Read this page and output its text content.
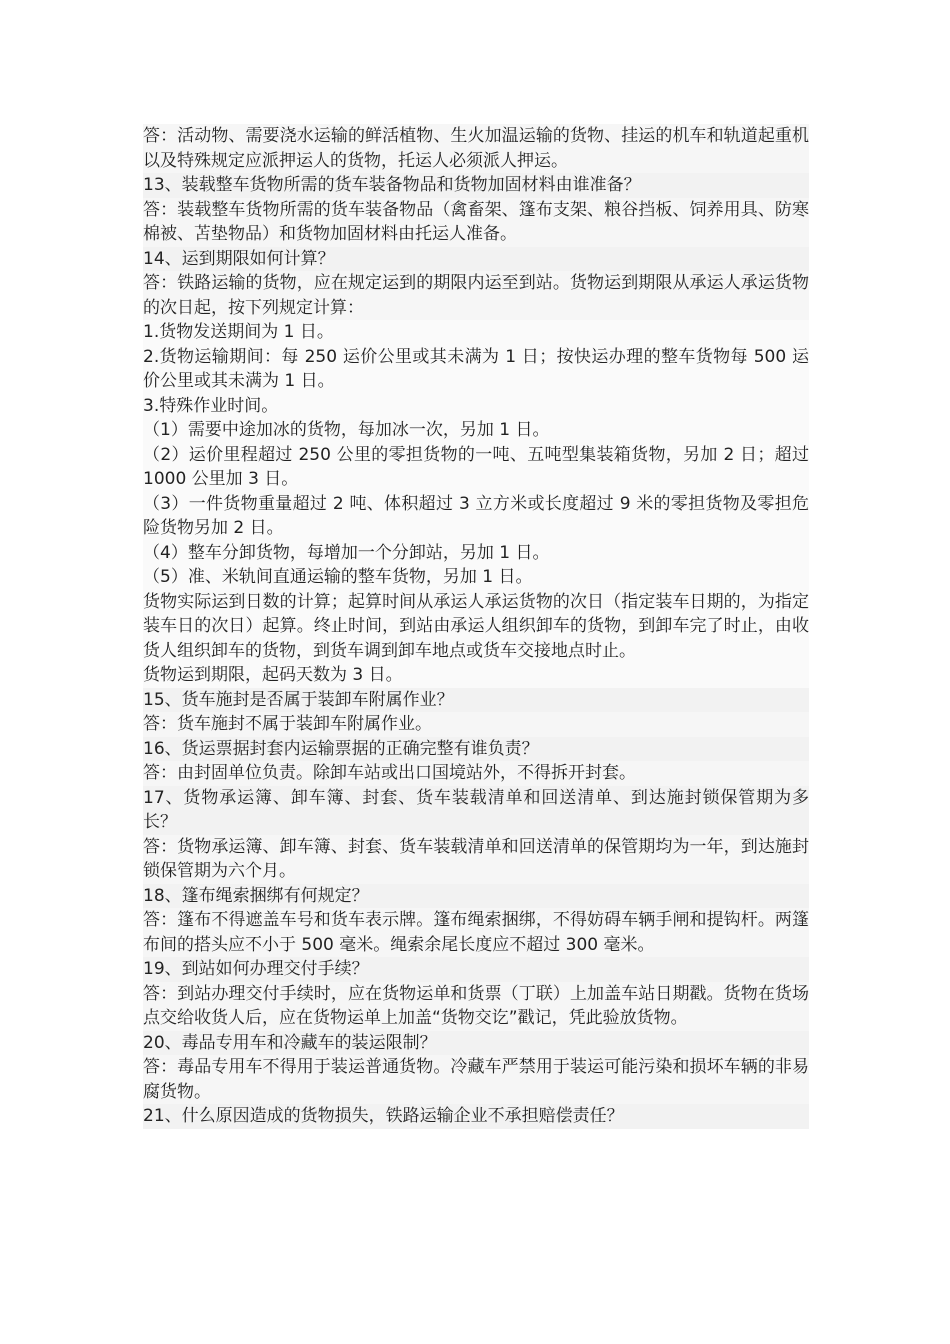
答：活动物、需要浇水运输的鲜活植物、生火加温运输的货物、挂运的机车和轨道起重机以及特殊规定应派押运人的货物，托运人必须派人押运。
13、装载整车货物所需的货车装备物品和货物加固材料由谁准备？
答：装载整车货物所需的货车装备物品（禽畜架、篷布支架、粮谷挡板、饲养用具、防寒棉被、苫垫物品）和货物加固材料由托运人准备。
14、运到期限如何计算？
答：铁路运输的货物，应在规定运到的期限内运至到站。货物运到期限从承运人承运货物的次日起，按下列规定计算：
1.货物发送期间为 1 日。
2.货物运输期间：每 250 运价公里或其未满为 1 日；按快运办理的整车货物每 500 运价公里或其未满为 1 日。
3.特殊作业时间。
（1）需要中途加冰的货物，每加冰一次，另加 1 日。
（2）运价里程超过 250 公里的零担货物的一吨、五吨型集装箱货物，另加 2 日；超过 1000 公里加 3 日。
（3）一件货物重量超过 2 吨、体积超过 3 立方米或长度超过 9 米的零担货物及零担危险货物另加 2 日。
（4）整车分卸货物，每增加一个分卸站，另加 1 日。
（5）准、米轨间直通运输的整车货物，另加 1 日。
货物实际运到日数的计算；起算时间从承运人承运货物的次日（指定装车日期的，为指定装车日的次日）起算。终止时间，到站由承运人组织卸车的货物，到卸车完了时止，由收货人组织卸车的货物，到货车调到卸车地点或货车交接地点时止。
货物运到期限，起码天数为 3 日。
15、货车施封是否属于装卸车附属作业？
答：货车施封不属于装卸车附属作业。
16、货运票据封套内运输票据的正确完整有谁负责？
答：由封固单位负责。除卸车站或出口国境站外，不得拆开封套。
17、货物承运簿、卸车簿、封套、货车装载清单和回送清单、到达施封锁保管期为多长？
答：货物承运簿、卸车簿、封套、货车装载清单和回送清单的保管期均为一年，到达施封锁保管期为六个月。
18、篷布绳索捆绑有何规定？
答：篷布不得遮盖车号和货车表示牌。篷布绳索捆绑，不得妨碍车辆手闸和提钩杆。两篷布间的搭头应不小于 500 毫米。绳索余尾长度应不超过 300 毫米。
19、到站如何办理交付手续？
答：到站办理交付手续时，应在货物运单和货票（丁联）上加盖车站日期戳。货物在货场点交给收货人后，应在货物运单上加盖“货物交讫”戳记，凭此验放货物。
20、毒品专用车和冷藏车的装运限制？
答：毒品专用车不得用于装运普通货物。冷藏车严禁用于装运可能污染和损坏车辆的非易腐货物。
21、什么原因造成的货物损失，铁路运输企业不承担赔偿责任？
